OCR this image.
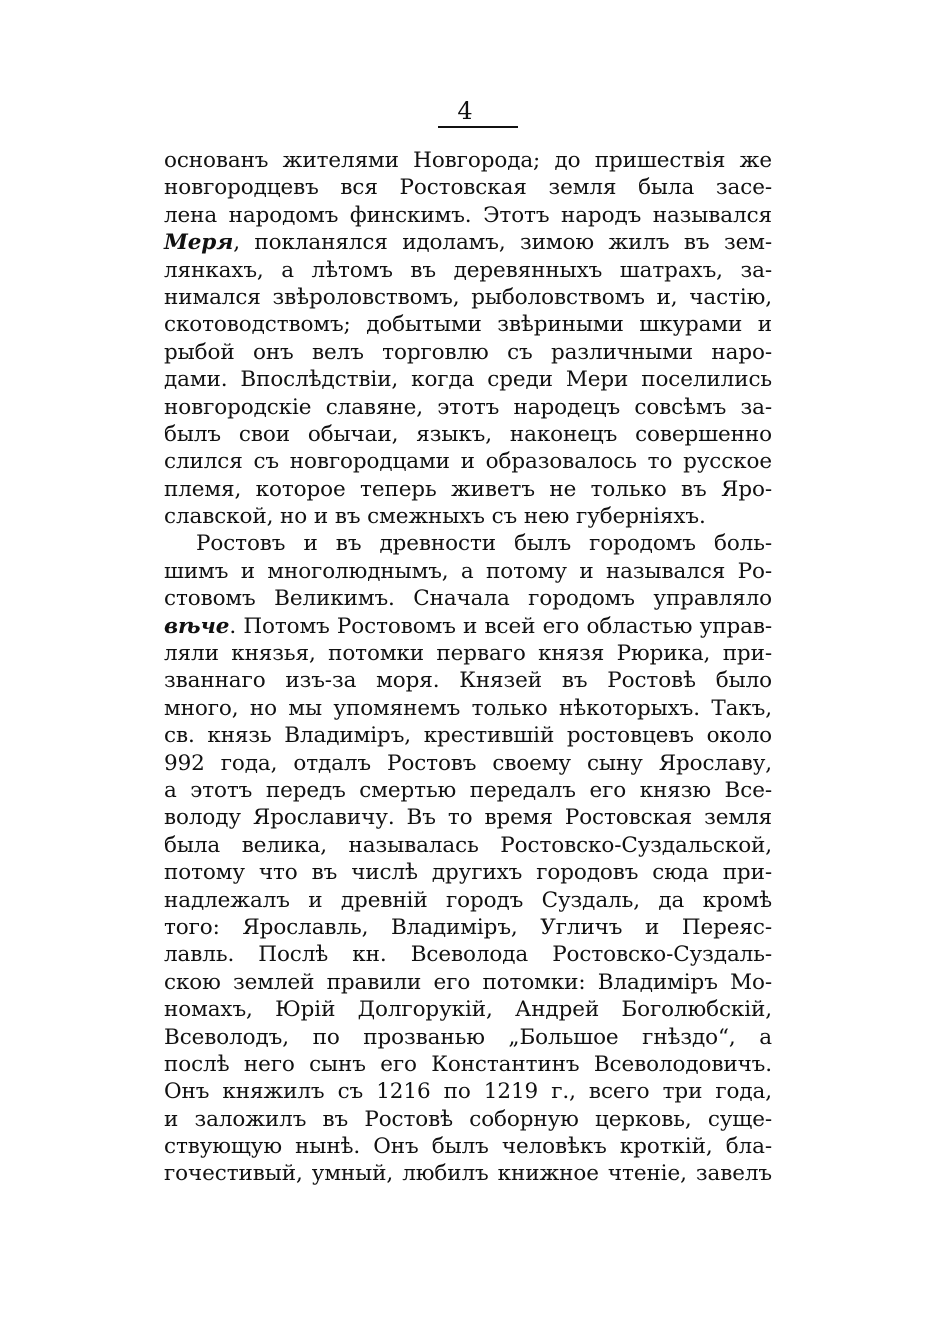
4
основанъ жителями Новгорода; до пришествія же
новгородцевъ вся Ростовская земля была засе-
лена народомъ финскимъ. Этотъ народъ назывался
Меря, покланялся идоламъ, зимою жилъ въ зем-
лянкахъ, а лѣтомъ въ деревянныхъ шатрахъ, за-
нимался звѣроловствомъ, рыболовствомъ и, частію,
скотоводствомъ; добытыми звѣриными шкурами и
рыбой онъ велъ торговлю съ различными наро-
дами. Впослѣдствіи, когда среди Мери поселились
новгородскіе славяне, этотъ народецъ совсѣмъ за-
былъ свои обычаи, языкъ, наконецъ совершенно
слился съ новгородцами и образовалось то русское
племя, которое теперь живетъ не только въ Яро-
славской, но и въ смежныхъ съ нею губерніяхъ.
Ростовъ и въ древности былъ городомъ боль-
шимъ и многолюднымъ, а потому и назывался Ро-
стовомъ Великимъ. Сначала городомъ управляло
вѣче. Потомъ Ростовомъ и всей его областью управ-
ляли князья, потомки перваго князя Рюрика, при-
званнаго изъ-за моря. Князей въ Ростовѣ было
много, но мы упомянемъ только нѣкоторыхъ. Такъ,
св. князь Владиміръ, крестившій ростовцевъ около
992 года, отдалъ Ростовъ своему сыну Ярославу,
а этотъ передъ смертью передалъ его князю Все-
володу Ярославичу. Въ то время Ростовская земля
была велика, называлась Ростовско-Суздальской,
потому что въ числѣ другихъ городовъ сюда при-
надлежалъ и древній городъ Суздаль, да кромѣ
того: Ярославль, Владиміръ, Угличъ и Переяс-
лавль. Послѣ кн. Всеволода Ростовско-Суздаль-
скою землей правили его потомки: Владиміръ Мо-
номахъ, Юрій Долгорукій, Андрей Боголюбскій,
Всеволодъ, по прозванью „Большое гнѣздо“, а
послѣ него сынъ его Константинъ Всеволодовичъ.
Онъ княжилъ съ 1216 по 1219 г., всего три года,
и заложилъ въ Ростовѣ соборную церковь, суще-
ствующую нынѣ. Онъ былъ человѣкъ кроткій, бла-
гочестивый, умный, любилъ книжное чтеніе, завелъ
